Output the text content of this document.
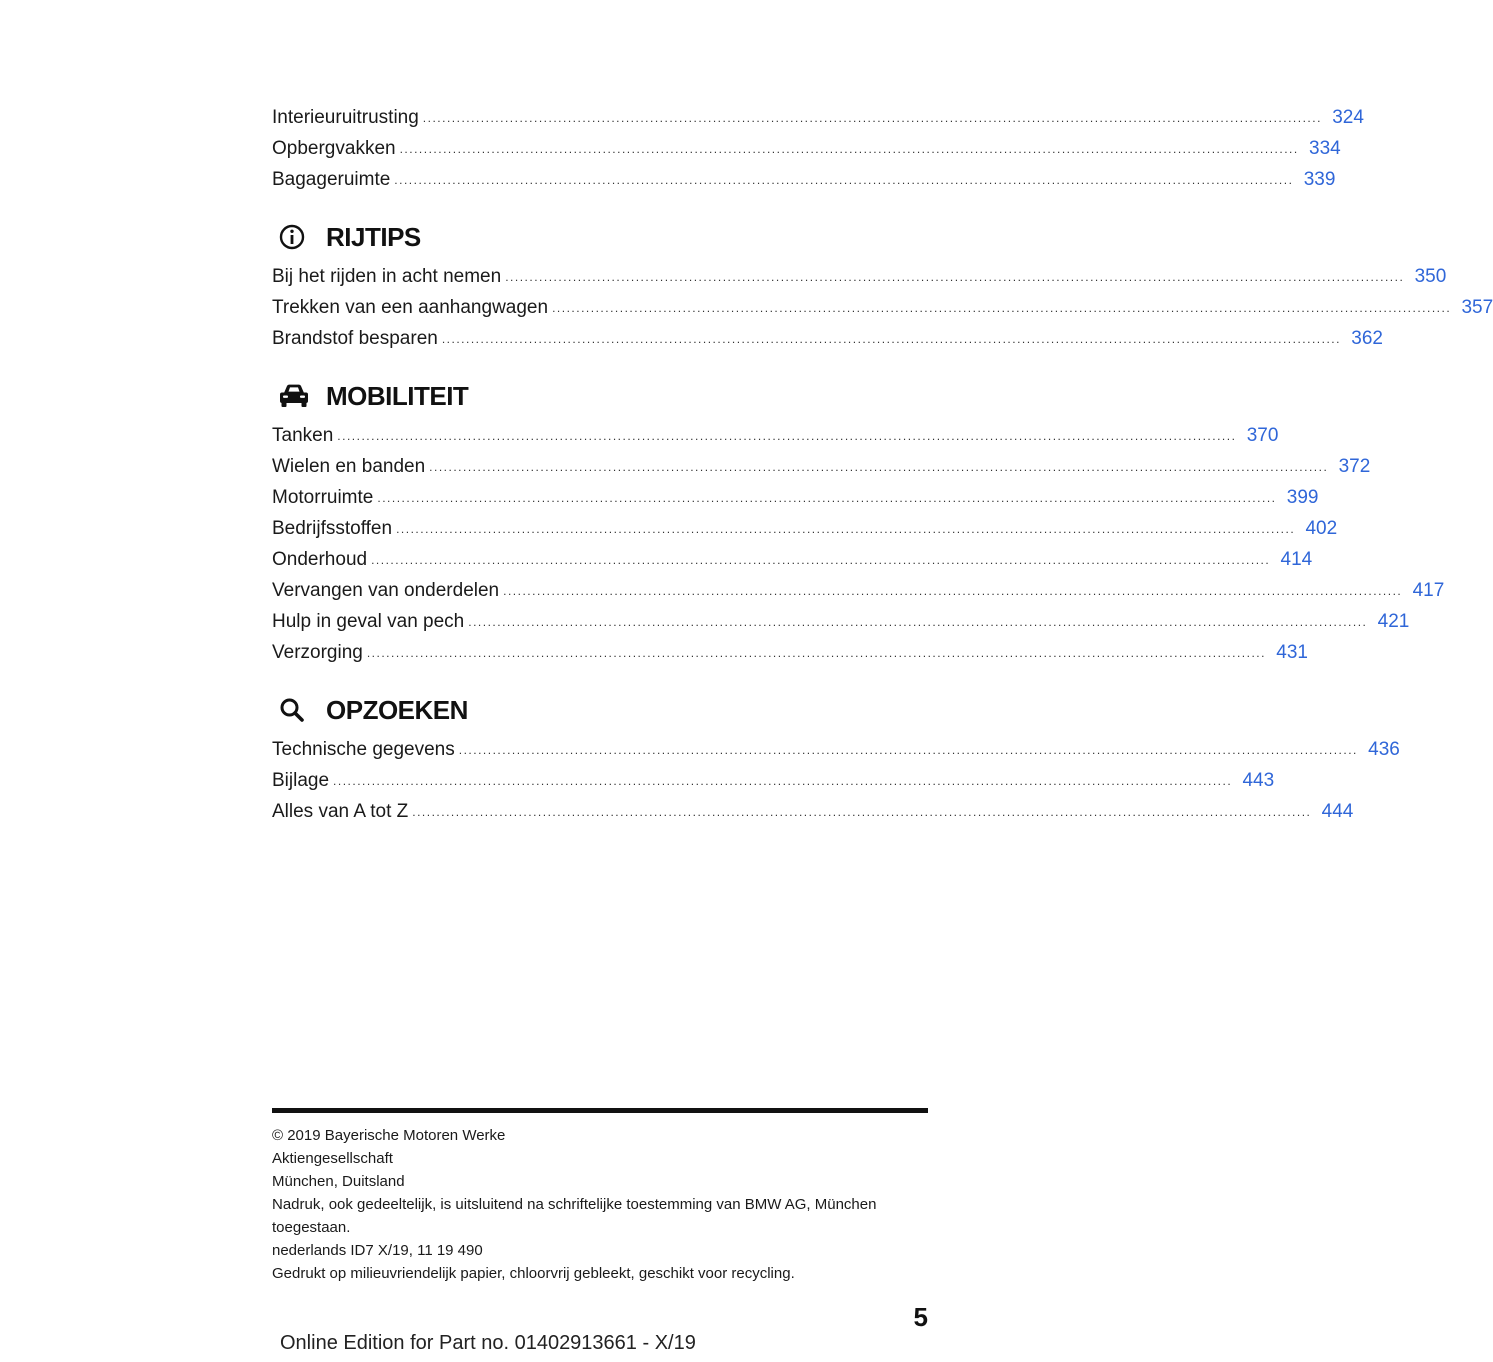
Interieuruitrusting .......................................................................................................................................................................................... 324
Opbergvakken .......................................................................................................................................................................................... 334
Bagageruimte .......................................................................................................................................................................................... 339
RIJTIPS
Bij het rijden in acht nemen .......................................................................................................................................................................................... 350
Trekken van een aanhangwagen .......................................................................................................................................................................................... 357
Brandstof besparen .......................................................................................................................................................................................... 362
MOBILITEIT
Tanken .......................................................................................................................................................................................... 370
Wielen en banden .......................................................................................................................................................................................... 372
Motorruimte .......................................................................................................................................................................................... 399
Bedrijfsstoffen .......................................................................................................................................................................................... 402
Onderhoud .......................................................................................................................................................................................... 414
Vervangen van onderdelen .......................................................................................................................................................................................... 417
Hulp in geval van pech .......................................................................................................................................................................................... 421
Verzorging .......................................................................................................................................................................................... 431
OPZOEKEN
Technische gegevens .......................................................................................................................................................................................... 436
Bijlage .......................................................................................................................................................................................... 443
Alles van A tot Z .......................................................................................................................................................................................... 444
© 2019 Bayerische Motoren Werke
Aktiengesellschaft
München, Duitsland
Nadruk, ook gedeeltelijk, is uitsluitend na schriftelijke toestemming van BMW AG, München
toegestaan.
nederlands ID7 X/19, 11 19 490
Gedrukt op milieuvriendelijk papier, chloorvrij gebleekt, geschikt voor recycling.
5
Online Edition for Part no. 01402913661 - X/19
